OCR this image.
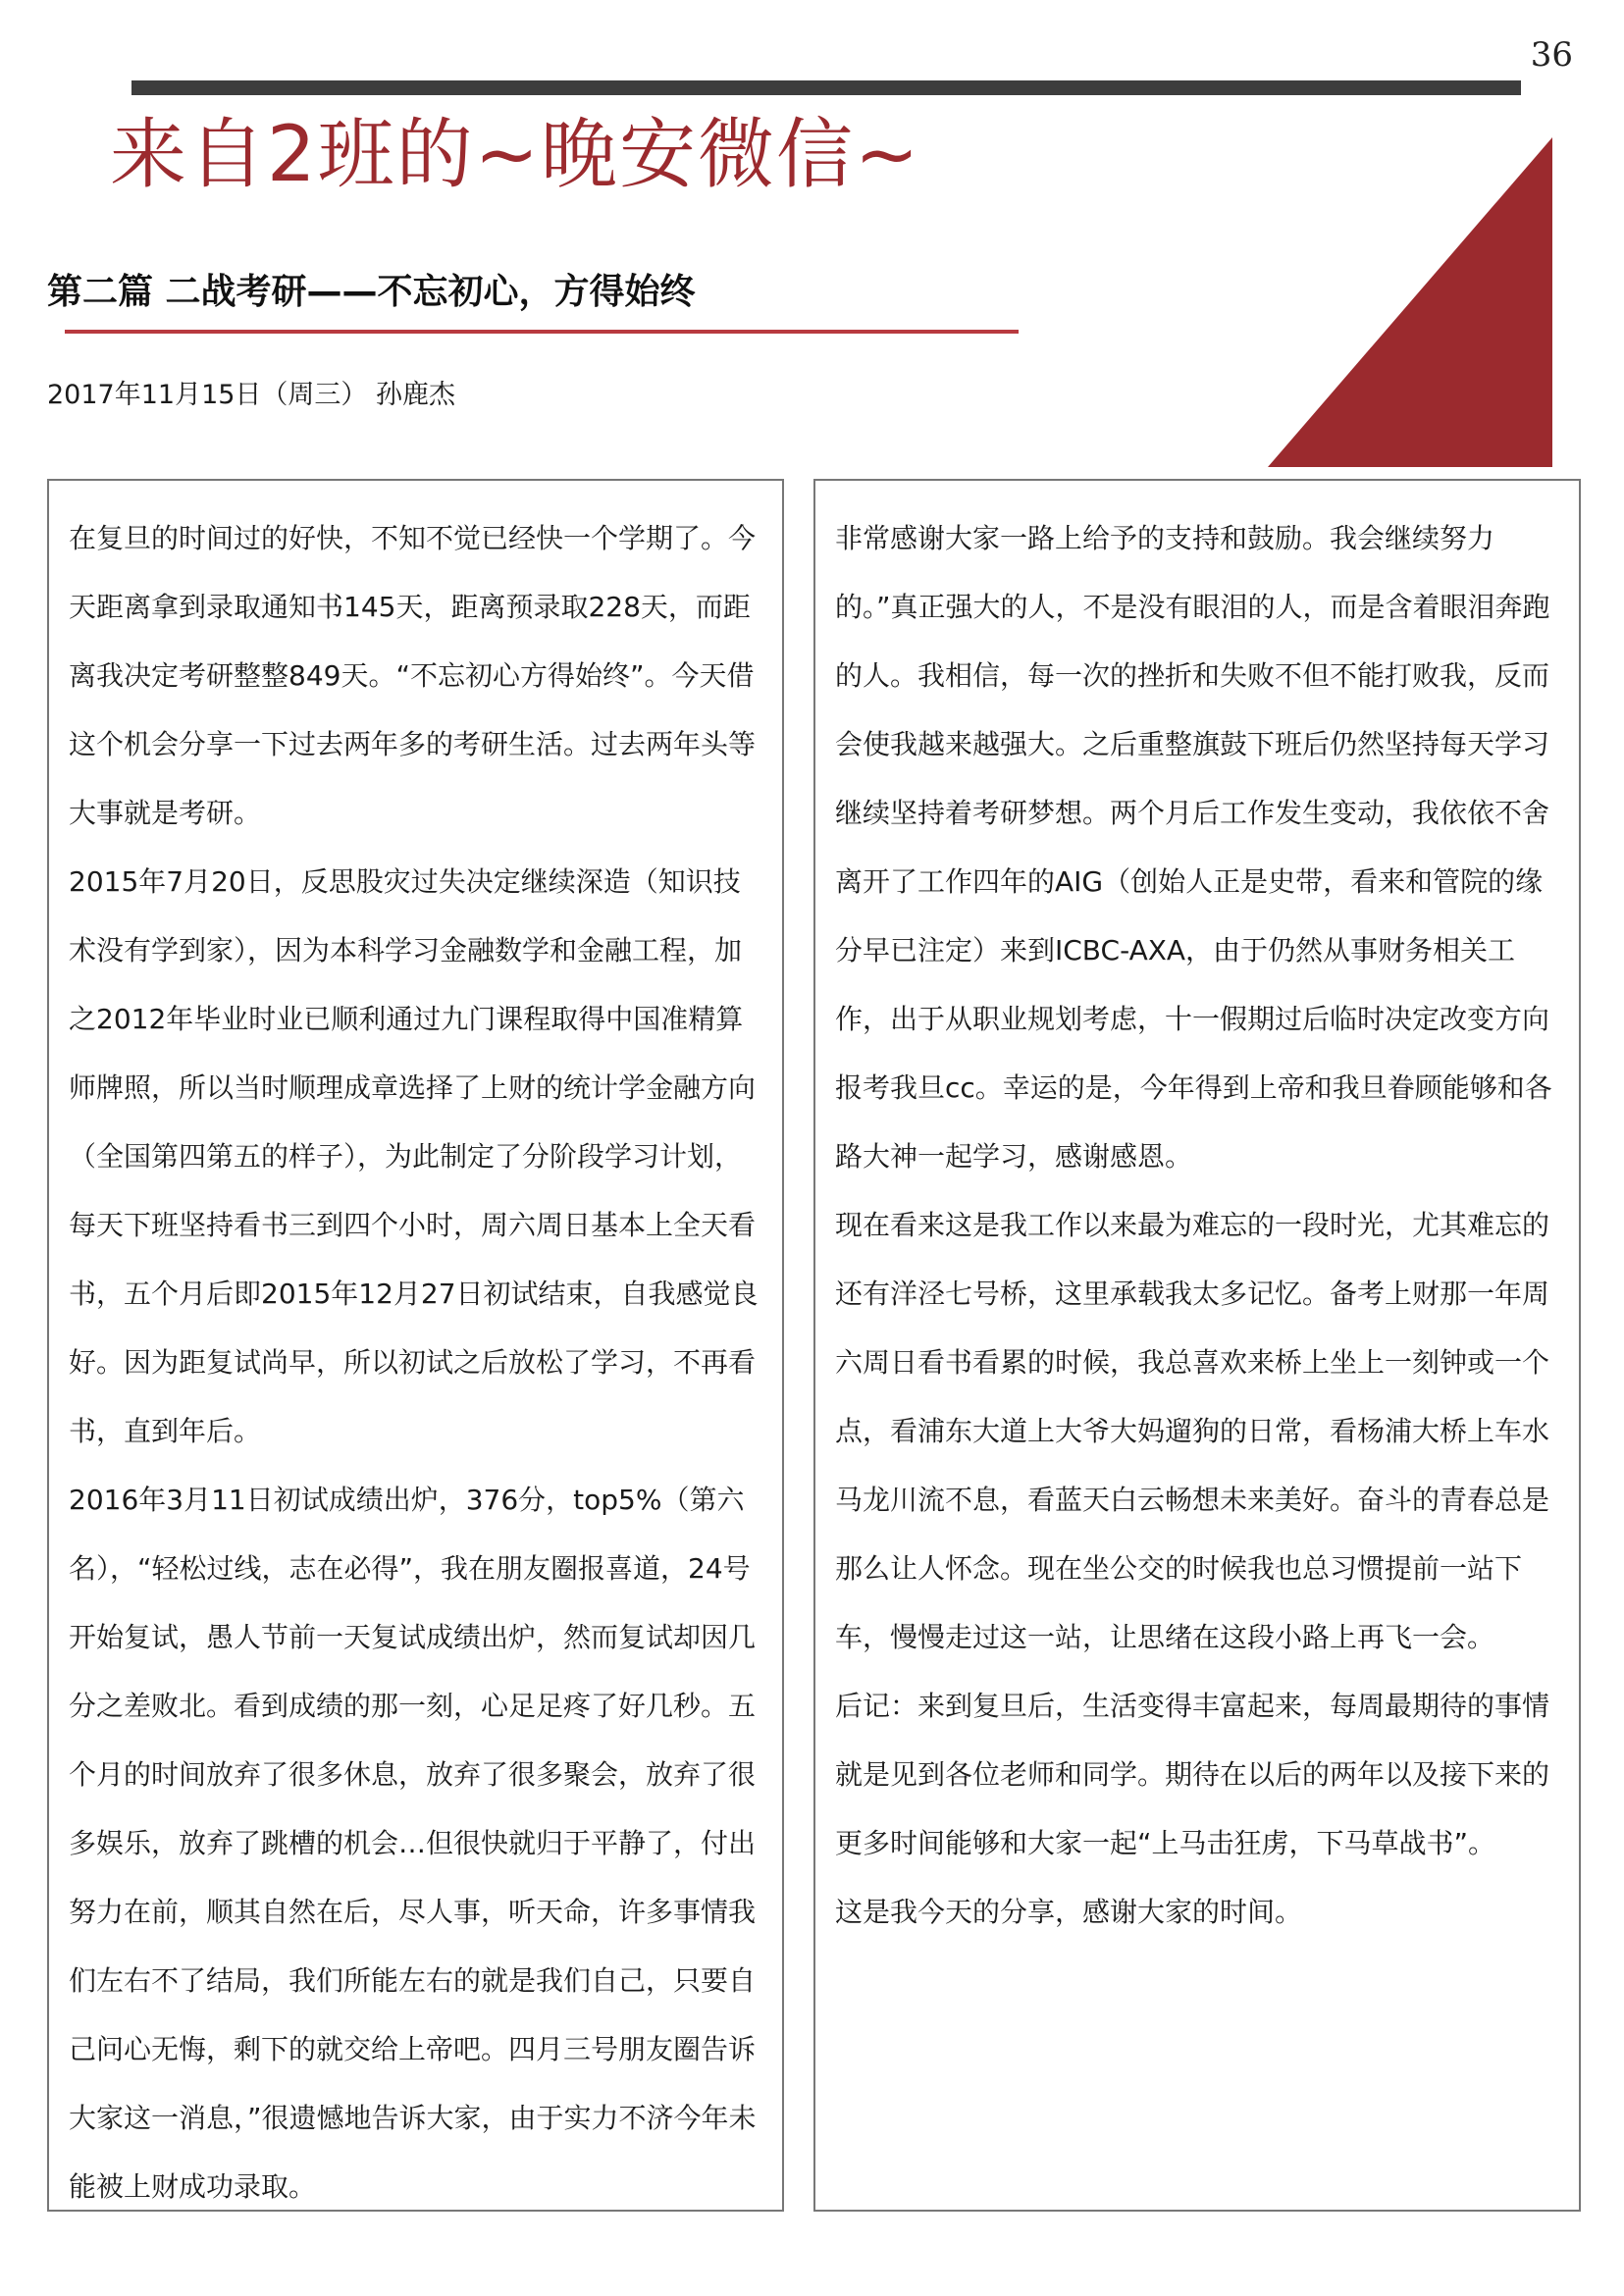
36
来自2班的~晚安微信~
第二篇 二战考研——不忘初心，方得始终
2017年11月15日（周三） 孙鹿杰

在复旦的时间过的好快，不知不觉已经快一个学期了。今天距离拿到录取通知书145天，距离预录取228天，而距离我决定考研整整849天。“不忘初心方得始终”。今天借这个机会分享一下过去两年多的考研生活。过去两年头等大事就是考研。

2015年7月20日，反思股灾过失决定继续深造（知识技术没有学到家），因为本科学习金融数学和金融工程，加之2012年毕业时业已顺利通过九门课程取得中国准精算师牌照，所以当时顺理成章选择了上财的统计学金融方向（全国第四第五的样子），为此制定了分阶段学习计划，每天下班坚持看书三到四个小时，周六周日基本上全天看书，五个月后即2015年12月27日初试结束，自我感觉良好。因为距复试尚早，所以初试之后放松了学习，不再看书，直到年后。

2016年3月11日初试成绩出炉，376分，top5%（第六名），“轻松过线，志在必得”，我在朋友圈报喜道，24号开始复试，愚人节前一天复试成绩出炉，然而复试却因几分之差败北。看到成绩的那一刻，心足足疼了好几秒。五个月的时间放弃了很多休息，放弃了很多聚会，放弃了很多娱乐，放弃了跳槽的机会…但很快就归于平静了，付出努力在前，顺其自然在后，尽人事，听天命，许多事情我们左右不了结局，我们所能左右的就是我们自己，只要自己问心无悔，剩下的就交给上帝吧。四月三号朋友圈告诉大家这一消息，”很遗憾地告诉大家，由于实力不济今年未能被上财成功录取。

非常感谢大家一路上给予的支持和鼓励。我会继续努力的。”真正强大的人，不是没有眼泪的人，而是含着眼泪奔跑的人。我相信，每一次的挫折和失败不但不能打败我，反而会使我越来越强大。之后重整旗鼓下班后仍然坚持每天学习继续坚持着考研梦想。两个月后工作发生变动，我依依不舍离开了工作四年的AIG（创始人正是史带，看来和管院的缘分早已注定）来到ICBC-AXA，由于仍然从事财务相关工作，出于从职业规划考虑，十一假期过后临时决定改变方向报考我旦cc。幸运的是，今年得到上帝和我旦眷顾能够和各路大神一起学习，感谢感恩。

现在看来这是我工作以来最为难忘的一段时光，尤其难忘的还有洋泾七号桥，这里承载我太多记忆。备考上财那一年周六周日看书看累的时候，我总喜欢来桥上坐上一刻钟或一个点，看浦东大道上大爷大妈遛狗的日常，看杨浦大桥上车水马龙川流不息，看蓝天白云畅想未来美好。奋斗的青春总是那么让人怀念。现在坐公交的时候我也总习惯提前一站下车，慢慢走过这一站，让思绪在这段小路上再飞一会。

后记：来到复旦后，生活变得丰富起来，每周最期待的事情就是见到各位老师和同学。期待在以后的两年以及接下来的更多时间能够和大家一起“上马击狂虏，下马草战书”。

这是我今天的分享，感谢大家的时间。
